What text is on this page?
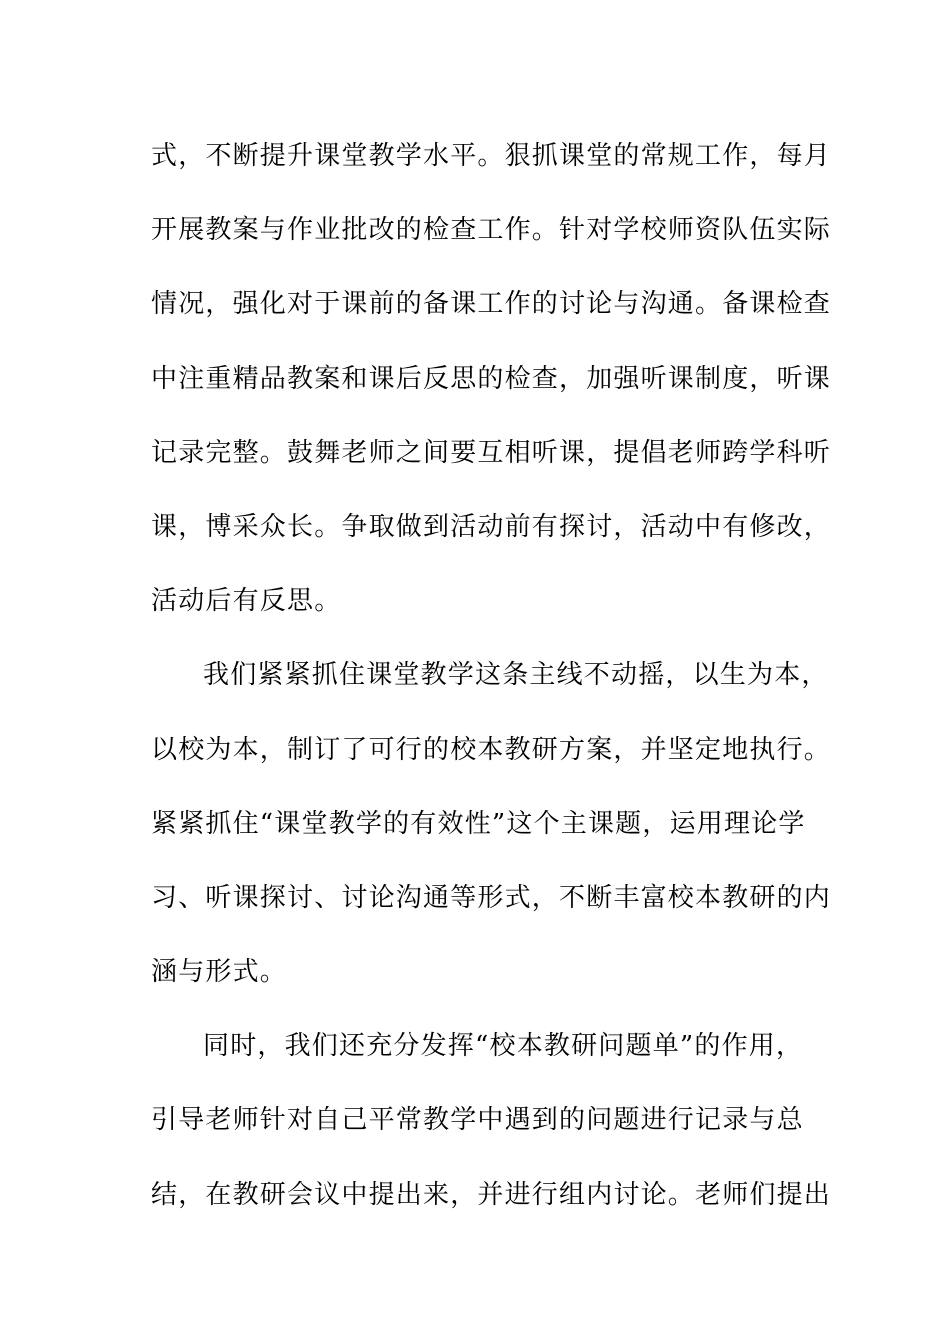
式，不断提升课堂教学水平。狠抓课堂的常规工作，每月
开展教案与作业批改的检查工作。针对学校师资队伍实际
情况，强化对于课前的备课工作的讨论与沟通。备课检查
中注重精品教案和课后反思的检查，加强听课制度，听课
记录完整。鼓舞老师之间要互相听课，提倡老师跨学科听
课，博采众长。争取做到活动前有探讨，活动中有修改，
活动后有反思。
我们紧紧抓住课堂教学这条主线不动摇，以生为本，
以校为本，制订了可行的校本教研方案，并坚定地执行。
紧紧抓住“课堂教学的有效性”这个主课题，运用理论学
习、听课探讨、讨论沟通等形式，不断丰富校本教研的内
涵与形式。
同时，我们还充分发挥“校本教研问题单”的作用，
引导老师针对自己平常教学中遇到的问题进行记录与总
结，在教研会议中提出来，并进行组内讨论。老师们提出
